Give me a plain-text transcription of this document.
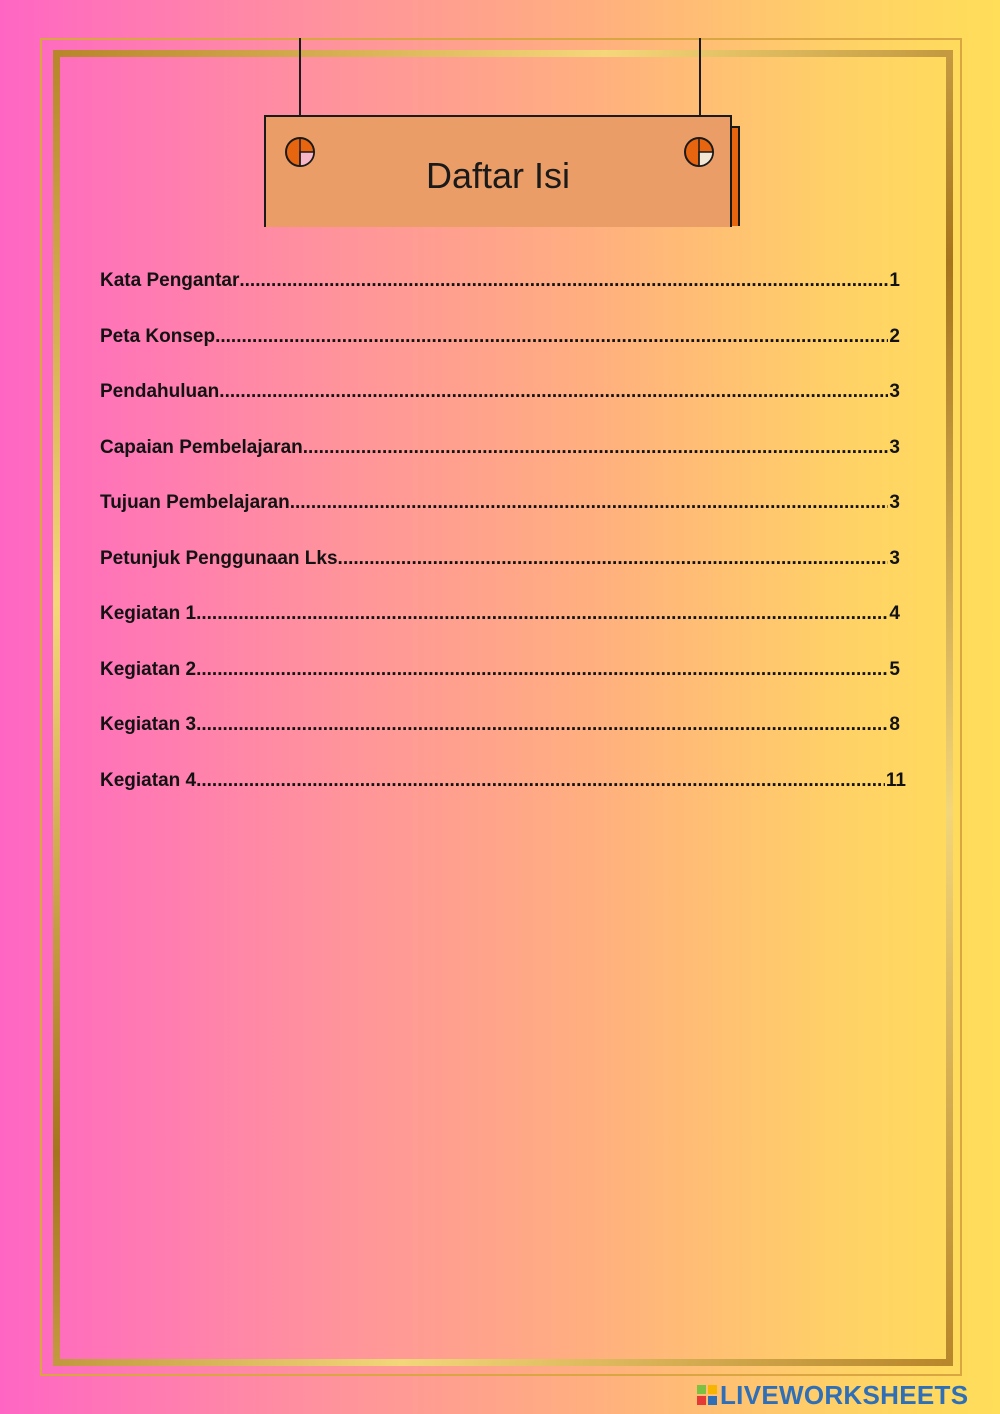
Daftar Isi
Kata Pengantar .....	1
Peta Konsep .....	2
Pendahuluan .....	3
Capaian Pembelajaran .....	3
Tujuan Pembelajaran .....	3
Petunjuk Penggunaan Lks .....	3
Kegiatan 1 .....	4
Kegiatan 2 .....	5
Kegiatan 3 .....	8
Kegiatan 4 .....	11
LIVEWORKSHEETS
